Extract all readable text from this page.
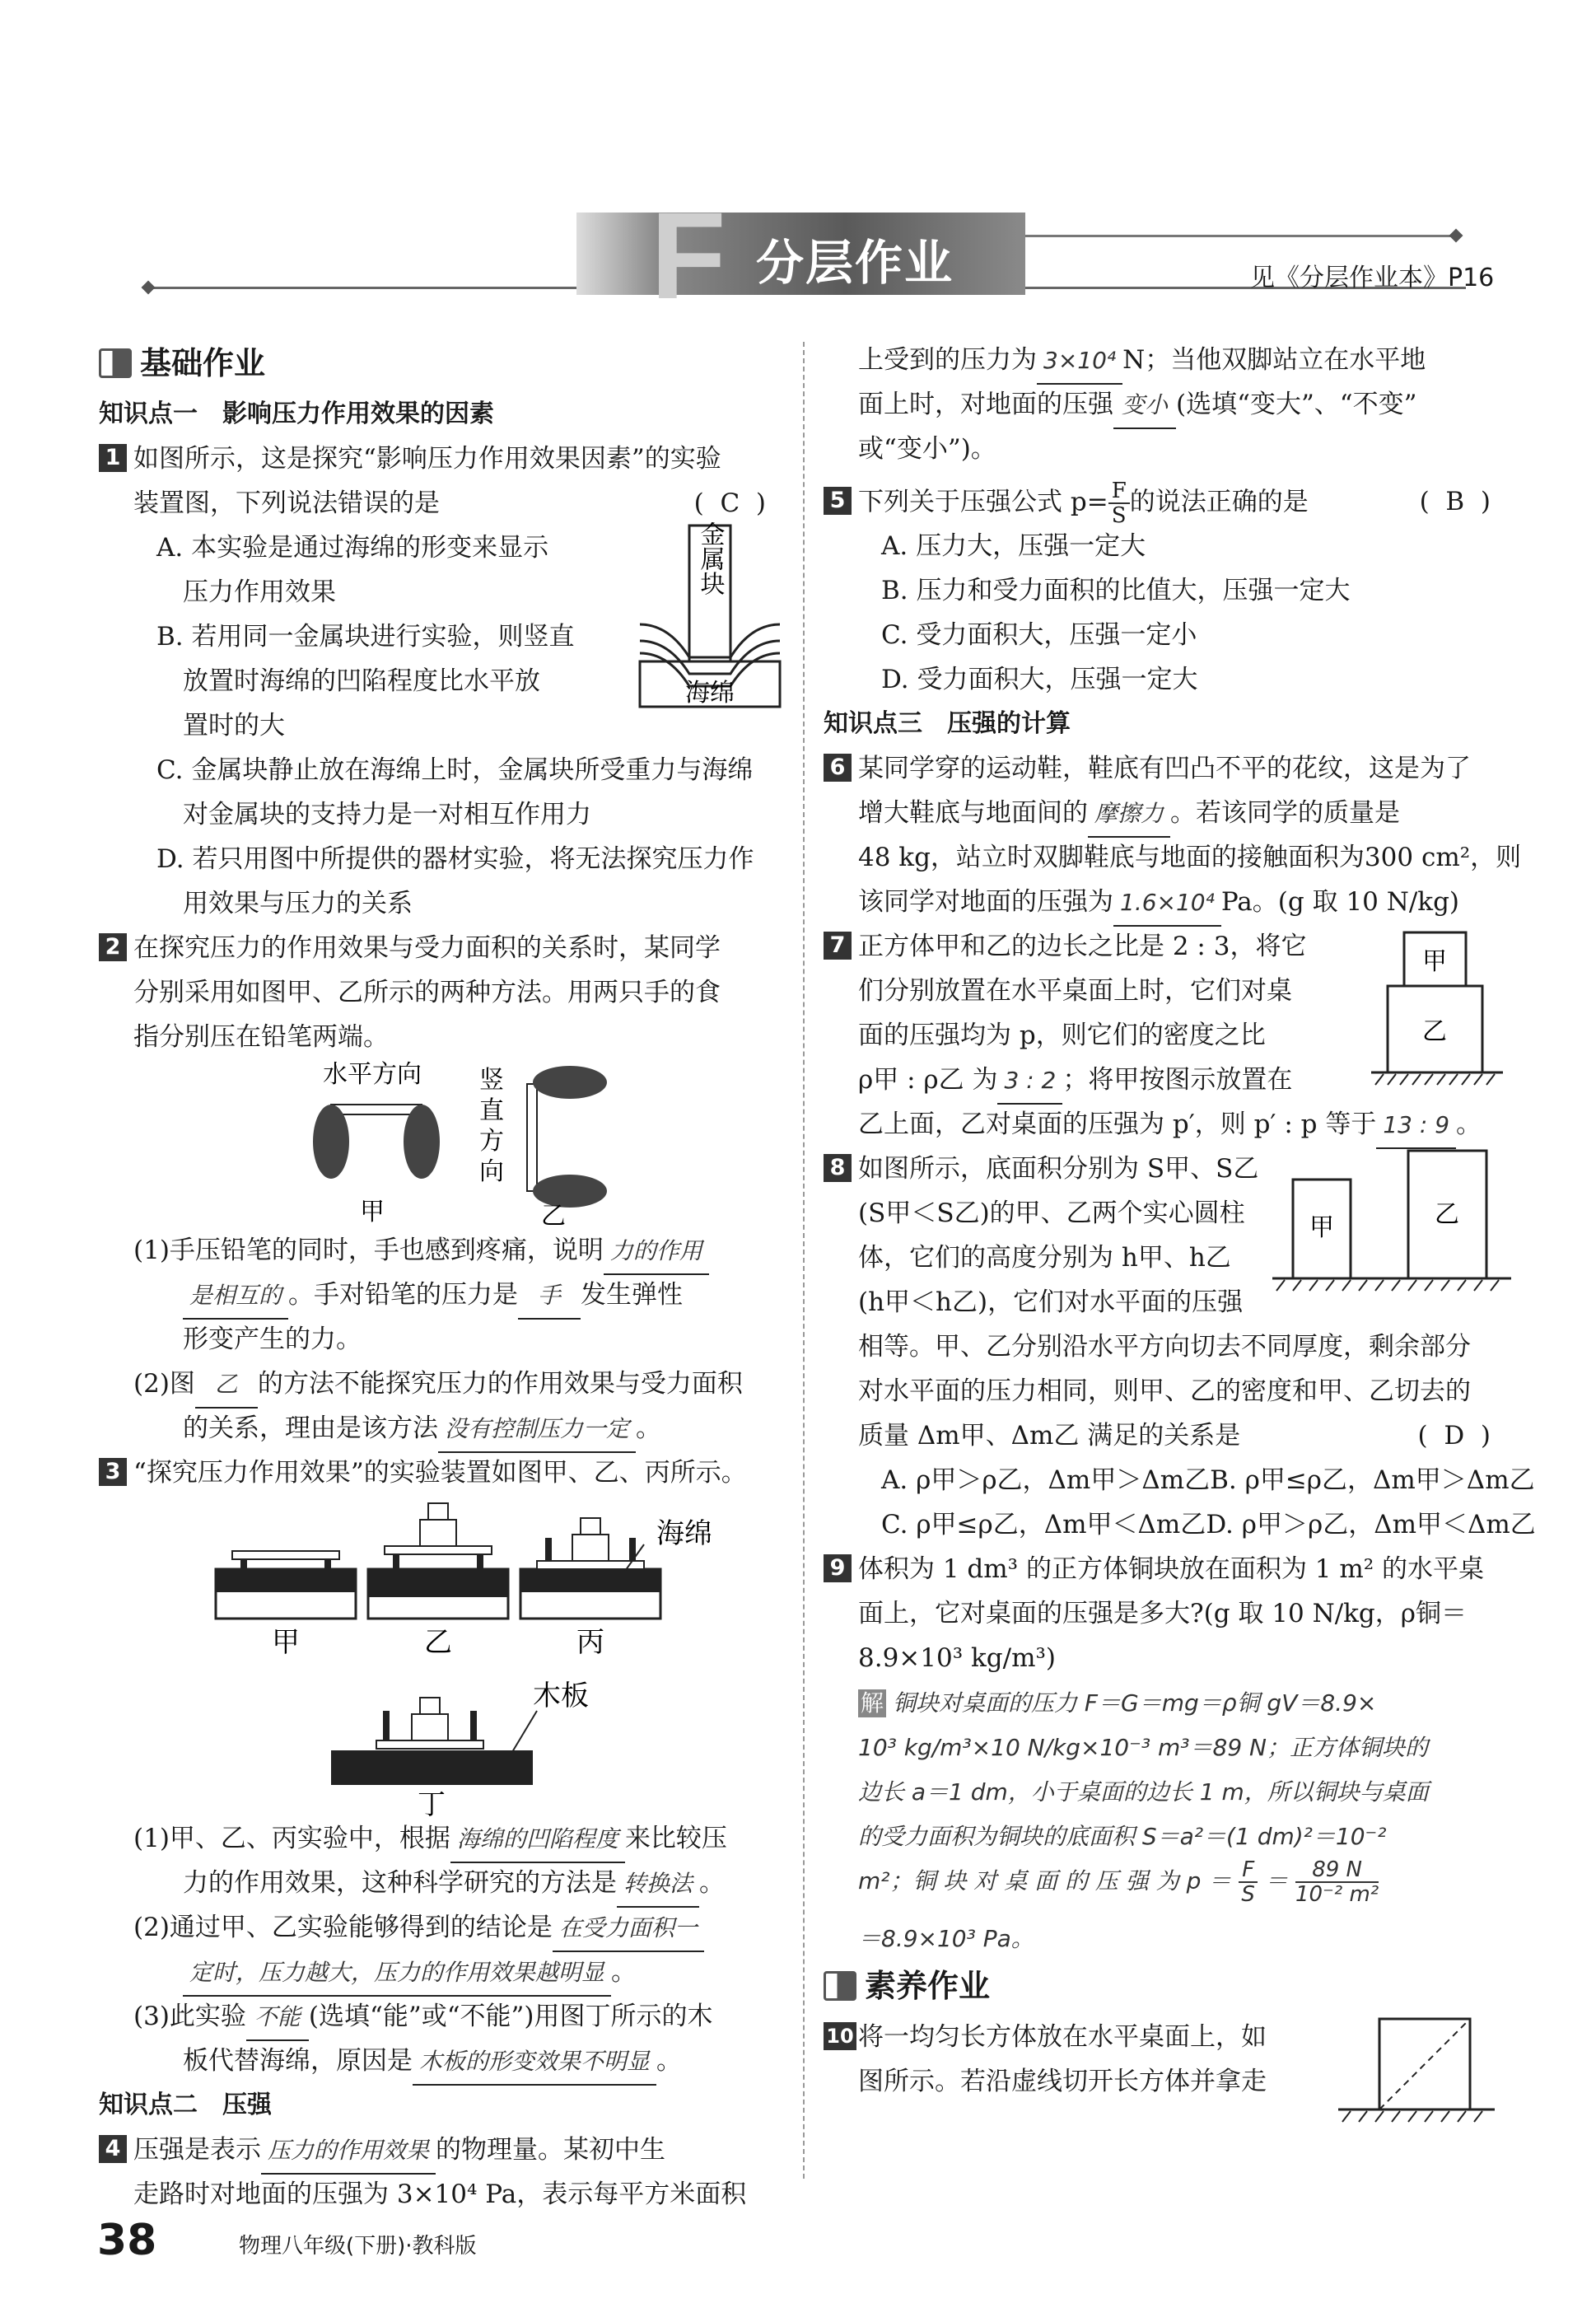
F 分层作业	见《分层作业本》P16
基础作业
知识点一　影响压力作用效果的因素
1 如图所示，这是探究“影响压力作用效果因素”的实验
装置图，下列说法错误的是	(  C  )
A. 本实验是通过海绵的形变来显示
压力作用效果
B. 若用同一金属块进行实验，则竖直
放置时海绵的凹陷程度比水平放
置时的大
金属块
海绵
C. 金属块静止放在海绵上时，金属块所受重力与海绵
对金属块的支持力是一对相互作用力
D. 若只用图中所提供的器材实验，将无法探究压力作
用效果与压力的关系
2 在探究压力的作用效果与受力面积的关系时，某同学
分别采用如图甲、乙所示的两种方法。用两只手的食
指分别压在铅笔两端。
水平方向
甲
竖
直
方
向
乙
(1)手压铅笔的同时，手也感到疼痛，说明 力的作用
是相互的 。手对铅笔的压力是 手 发生弹性
形变产生的力。
(2)图 乙 的方法不能探究压力的作用效果与受力面积
的关系，理由是该方法 没有控制压力一定 。
3 “探究压力作用效果”的实验装置如图甲、乙、丙所示。
海绵
甲	乙	丙
木板
丁
(1)甲、乙、丙实验中，根据 海绵的凹陷程度 来比较压
力的作用效果，这种科学研究的方法是 转换法 。
(2)通过甲、乙实验能够得到的结论是 在受力面积一
定时，压力越大，压力的作用效果越明显 。
(3)此实验 不能 (选填“能”或“不能”)用图丁所示的木
板代替海绵，原因是 木板的形变效果不明显 。
知识点二　压强
4 压强是表示 压力的作用效果 的物理量。某初中生
走路时对地面的压强为 3×10⁴ Pa，表示每平方米面积
上受到的压力为 3×10⁴ N；当他双脚站立在水平地
面上时，对地面的压强 变小 (选填“变大”、“不变”
或“变小”)。
5 下列关于压强公式 $p= \frac{F}{S}$ 的说法正确的是	(  B  )
A. 压力大，压强一定大
B. 压力和受力面积的比值大，压强一定大
C. 受力面积大，压强一定小
D. 受力面积大，压强一定大
知识点三　压强的计算
6 某同学穿的运动鞋，鞋底有凹凸不平的花纹，这是为了
增大鞋底与地面间的 摩擦力 。若该同学的质量是
48 kg，站立时双脚鞋底与地面的接触面积为300 cm²，则
该同学对地面的压强为 1.6×10⁴ Pa。(g 取 10 N/kg)
7 正方体甲和乙的边长之比是 2 : 3，将它
们分别放置在水平桌面上时，它们对桌
面的压强均为 p，则它们的密度之比
ρ甲 : ρ乙 为 3 : 2 ；将甲按图示放置在
乙上面，乙对桌面的压强为 p′，则 p′ : p 等于 13 : 9 。
甲
乙
8 如图所示，底面积分别为 S甲、S乙
(S甲＜S乙)的甲、乙两个实心圆柱
体，它们的高度分别为 h甲、h乙
(h甲＜h乙)，它们对水平面的压强
相等。甲、乙分别沿水平方向切去不同厚度，剩余部分
对水平面的压力相同，则甲、乙的密度和甲、乙切去的
质量 Δm甲、Δm乙 满足的关系是	(  D  )
A. ρ甲＞ρ乙，Δm甲＞Δm乙 B. ρ甲≤ρ乙，Δm甲＞Δm乙
C. ρ甲≤ρ乙，Δm甲＜Δm乙 D. ρ甲＞ρ乙，Δm甲＜Δm乙
甲	乙
9 体积为 1 dm³ 的正方体铜块放在面积为 1 m² 的水平桌
面上，它对桌面的压强是多大?(g 取 10 N/kg，ρ铜＝
8.9×10³ kg/m³)
解 铜块对桌面的压力 F＝G＝mg＝ρ铜 gV＝8.9×
10³ kg/m³×10 N/kg×10⁻³ m³＝89 N；正方体铜块的
边长 a＝1 dm，小于桌面的边长 1 m，所以铜块与桌面
的受力面积为铜块的底面积 S＝a²＝(1 dm)²＝10⁻²
m²；铜 块 对 桌 面 的 压 强 为 $p = \frac{F}{S} = \frac{89 N}{\text{10⁻² m²}}$
＝8.9×10³ Pa。
素养作业
10 将一均匀长方体放在水平桌面上，如
图所示。若沿虚线切开长方体并拿走
38	物理八年级(下册)·教科版
